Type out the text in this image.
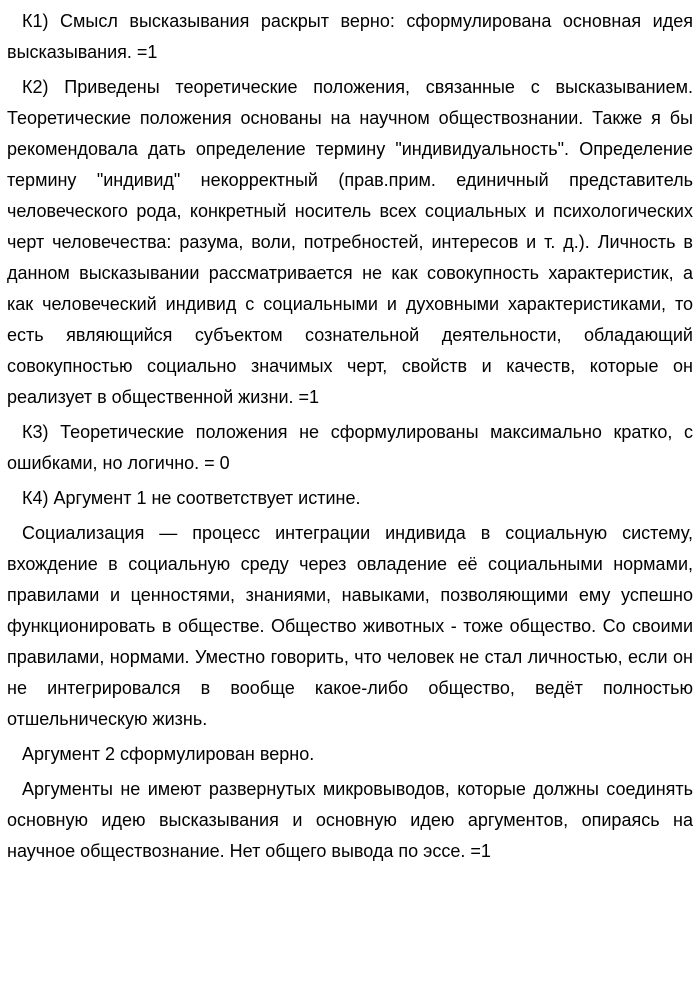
К1) Смысл высказывания раскрыт верно: сформулирована основная идея высказывания. =1

К2) Приведены теоретические положения, связанные с высказыванием. Теоретические положения основаны на научном обществознании. Также я бы рекомендовала дать определение термину "индивидуальность". Определение термину "индивид" некорректный (прав.прим. единичный представитель человеческого рода, конкретный носитель всех социальных и психологических черт человечества: разума, воли, потребностей, интересов и т. д.). Личность в данном высказывании рассматривается не как совокупность характеристик, а как человеческий индивид с социальными и духовными характеристиками, то есть являющийся субъектом сознательной деятельности, обладающий совокупностью социально значимых черт, свойств и качеств, которые он реализует в общественной жизни. =1

К3) Теоретические положения не сформулированы максимально кратко, с ошибками, но логично. = 0

К4) Аргумент 1 не соответствует истине.

Социализация — процесс интеграции индивида в социальную систему, вхождение в социальную среду через овладение её социальными нормами, правилами и ценностями, знаниями, навыками, позволяющими ему успешно функционировать в обществе. Общество животных - тоже общество. Со своими правилами, нормами. Уместно говорить, что человек не стал личностью, если он не интегрировался в вообще какое-либо общество, ведёт полностью отшельническую жизнь.

Аргумент 2 сформулирован верно.

Аргументы не имеют развернутых микровыводов, которые должны соединять основную идею высказывания и основную идею аргументов, опираясь на научное обществознание. Нет общего вывода по эссе. =1
